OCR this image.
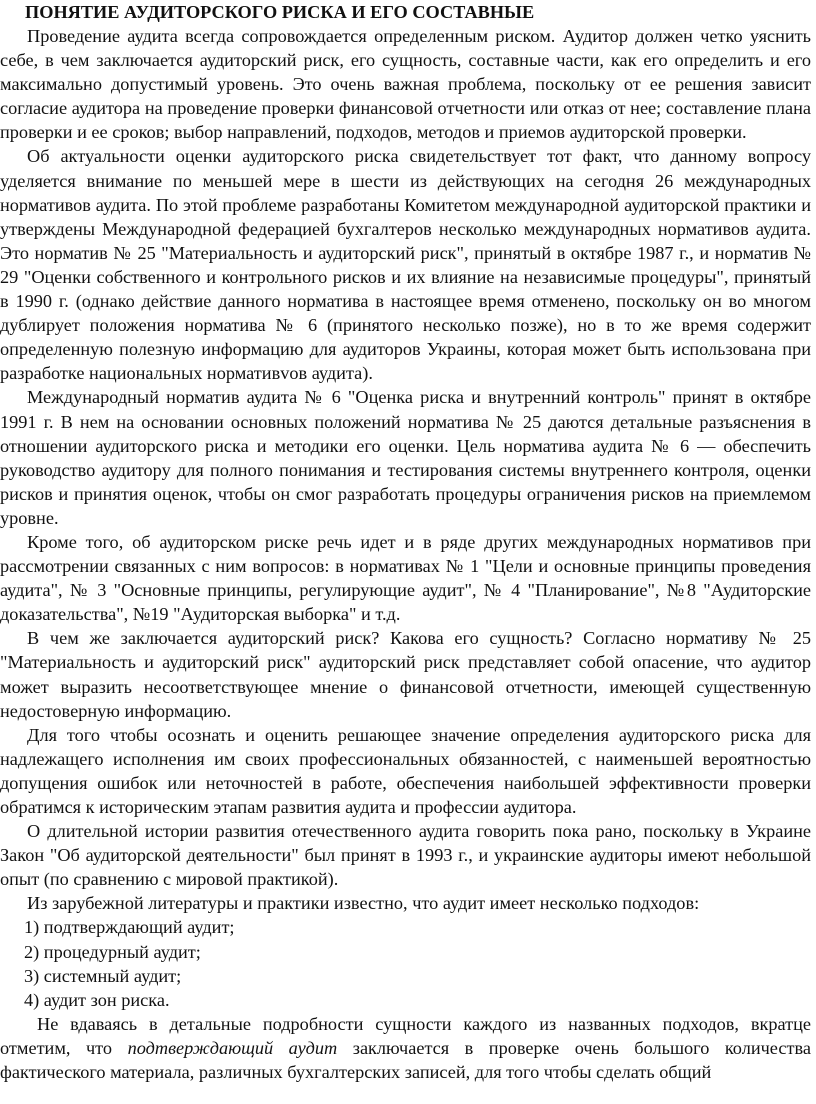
ПОНЯТИЕ АУДИТОРСКОГО РИСКА И ЕГО СОСТАВНЫЕ

Проведение аудита всегда сопровождается определенным риском. Аудитор должен четко уяснить себе, в чем заключается аудиторский риск, его сущность, составные части, как его определить и его максимально допустимый уровень. Это очень важная проблема, поскольку от ее решения зависит согласие аудитора на проведение проверки финансовой отчетности или отказ от нее; составление плана проверки и ее сроков; выбор направлений, подходов, методов и приемов аудиторской проверки.

Об актуальности оценки аудиторского риска свидетельствует тот факт, что данному вопросу уделяется внимание по меньшей мере в шести из действующих на сегодня 26 международных нормативов аудита. По этой проблеме разработаны Комитетом международной аудиторской практики и утверждены Международной федерацией бухгалтеров несколько международных нормативов аудита. Это норматив № 25 "Материальность и аудиторский риск", принятый в октябре 1987 г., и норматив № 29 "Оценки собственного и контрольного рисков и их влияние на независимые процедуры", принятый в 1990 г. (однако действие данного норматива в настоящее время отменено, поскольку он во многом дублирует положения норматива № 6 (принятого несколько позже), но в то же время содержит определенную полезную информацию для аудиторов Украины, которая может быть использована при разработке национальных нормативvов аудита).

Международный норматив аудита № 6 "Оценка риска и внутренний контроль" принят в октябре 1991 г. В нем на основании основных положений норматива № 25 даются детальные разъяснения в отношении аудиторского риска и методики его оценки. Цель норматива аудита № 6 — обеспечить руководство аудитору для полного понимания и тестирования системы внутреннего контроля, оценки рисков и принятия оценок, чтобы он смог разработать процедуры ограничения рисков на приемлемом уровне.

Кроме того, об аудиторском риске речь идет и в ряде других международных нормативов при рассмотрении связанных с ним вопросов: в нормативах № 1 "Цели и основные принципы проведения аудита", № 3 "Основные принципы, регулирующие аудит", № 4 "Планирование", №8 "Аудиторские доказательства", №19 "Аудиторская выборка" и т.д.

В чем же заключается аудиторский риск? Какова его сущность? Согласно нормативу № 25 "Материальность и аудиторский риск" аудиторский риск представляет собой опасение, что аудитор может выразить несоответствующее мнение о финансовой отчетности, имеющей существенную недостоверную информацию.

Для того чтобы осознать и оценить решающее значение определения аудиторского риска для надлежащего исполнения им своих профессиональных обязанностей, с наименьшей вероятностью допущения ошибок или неточностей в работе, обеспечения наибольшей эффективности проверки обратимся к историческим этапам развития аудита и профессии аудитора.

О длительной истории развития отечественного аудита говорить пока рано, поскольку в Украине Закон "Об аудиторской деятельности" был принят в 1993 г., и украинские аудиторы имеют небольшой опыт (по сравнению с мировой практикой).

Из зарубежной литературы и практики известно, что аудит имеет несколько подходов:

1) подтверждающий аудит;

2) процедурный аудит;

3) системный аудит;

4) аудит зон риска.

Не вдаваясь в детальные подробности сущности каждого из названных подходов, вкратце отметим, что подтверждающий аудит заключается в проверке очень большого количества фактического материала, различных бухгалтерских записей, для того чтобы сделать общий
